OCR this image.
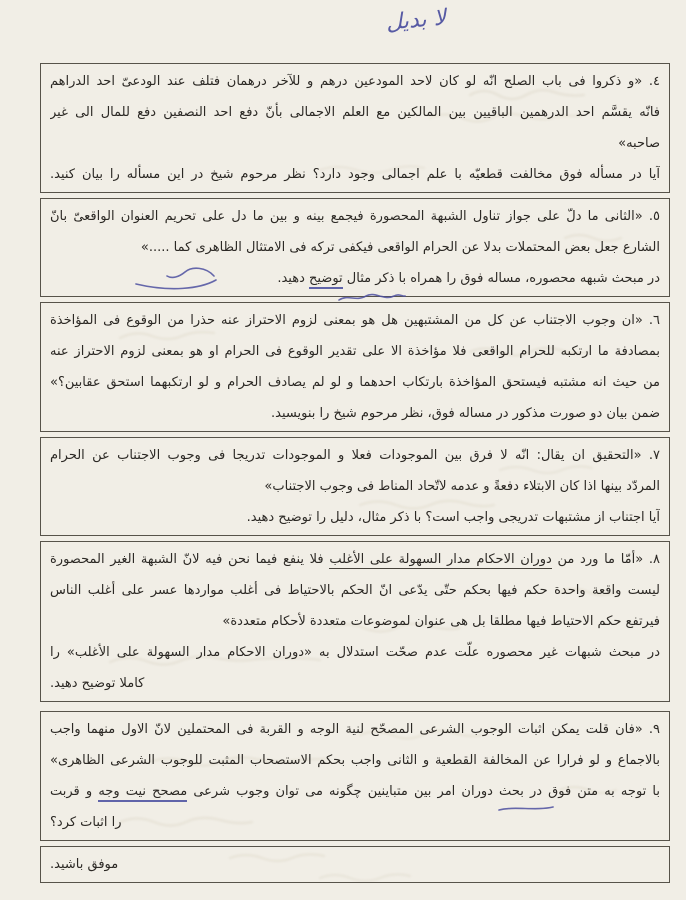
لا بدیل
٤. «و ذكروا فى باب الصلح انّه لو كان لاحد المودعين درهم و للآخر درهمان فتلف عند الودعىّ احد الدراهم
فانّه يقسَّم احد الدرهمين الباقيين بين المالكين مع العلم الاجمالى بأنّ دفع احد النصفين دفع للمال الى غير
صاحبه»
آيا در مسأله فوق مخالفت قطعيّه با علم اجمالى وجود دارد؟ نظر مرحوم شيخ در اين مسأله را بيان كنيد.
٥. «الثانى ما دلّ على جواز تناول الشبهة المحصورة فيجمع بينه و بين ما دل على تحريم العنوان الواقعىّ بانّ
الشارع جعل بعض المحتملات بدلا عن الحرام الواقعى فيكفى تركه فى الامتثال الظاهرى كما .....»
در مبحث شبهه محصوره، مساله فوق را همراه با ذكر مثال توضيح دهيد.
٦. «ان وجوب الاجتناب عن كل من المشتبهين هل هو بمعنى لزوم الاحتراز عنه حذرا من الوقوع فى المؤاخذة
بمصادفة ما ارتكبه للحرام الواقعى فلا مؤاخذة الا على تقدير الوقوع فى الحرام او هو بمعنى لزوم الاحتراز عنه
من حيث انه مشتبه فيستحق المؤاخذة بارتكاب احدهما و لو لم يصادف الحرام و لو ارتكبهما استحق عقابين؟»
ضمن بيان دو صورت مذكور در مساله فوق، نظر مرحوم شيخ را بنويسيد.
٧. «التحقيق ان يقال: انّه لا فرق بين الموجودات فعلا و الموجودات تدريجا فى وجوب الاجتناب عن الحرام
المردّد بينها اذا كان الابتلاء دفعةً و عدمه لاتّحاد المناط فى وجوب الاجتناب»
آيا اجتناب از مشتبهات تدريجى واجب است؟ با ذكر مثال، دليل را توضيح دهيد.
٨. «أمّا ما ورد من دوران الاحكام مدار السهولة على الأغلب فلا ينفع فيما نحن فيه لانّ الشبهة الغير المحصورة
ليست واقعة واحدة حكم فيها بحكم حتّى يدّعى انّ الحكم بالاحتياط فى أغلب مواردها عسر على أغلب الناس
فيرتفع حكم الاحتياط فيها مطلقا بل هى عنوان لموضوعات متعددة لأحكام متعددة»
در مبحث شبهات غير محصوره علّت عدم صحّت استدلال به «دوران الاحكام مدار السهولة على الأغلب» را
كاملا توضيح دهيد.
٩. «فان قلت يمكن اثبات الوجوب الشرعى المصحّح لنية الوجه و القربة فى المحتملين لانّ الاول منهما واجب
بالاجماع و لو فرارا عن المخالفة القطعية و الثانى واجب بحكم الاستصحاب المثبت للوجوب الشرعى الظاهرى»
با توجه به متن فوق در بحث دوران امر بين متباينين چگونه مى توان وجوب شرعى مصحح نيت وجه و قربت
را اثبات كرد؟
موفق باشيد.
